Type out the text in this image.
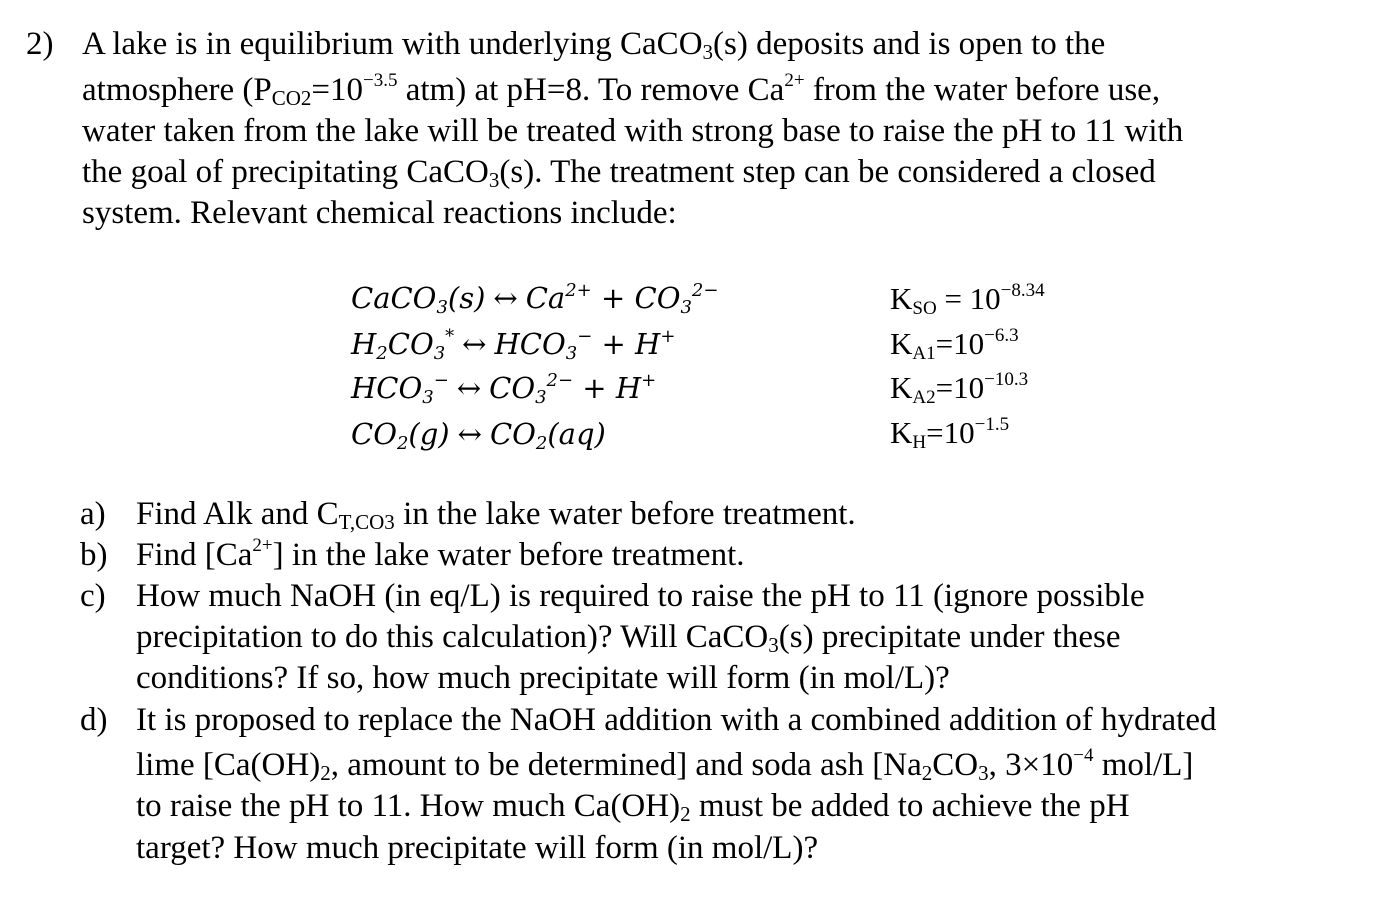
2) A lake is in equilibrium with underlying CaCO$_3$(s) deposits and is open to the
atmosphere ($P_{CO2}=10^{-3.5}$ atm) at pH=8. To remove $Ca^{2+}$ from the water before use,
water taken from the lake will be treated with strong base to raise the pH to 11 with
the goal of precipitating CaCO$_3$(s). The treatment step can be considered a closed
system. Relevant chemical reactions include:
CaCO3(s) ↔ $Ca^{2+} + CO3^{2-}$
H2CO3* ↔ HCO3− + H+
HCO3− ↔ $CO3^{2-} + H^+$
CO2(g) ↔ CO2(aq)
KSO = $10^{-8.34}$
$KA1=10^{-6.3}$
$KA2=10^{-10.3}$
$KH=10^{-1.5}$
a) Find Alk and $C_{T,CO3}$ in the lake water before treatment.
b) Find $[Ca^{2+}]$ in the lake water before treatment.
c) How much NaOH (in eq/L) is required to raise the pH to 11 (ignore possible
precipitation to do this calculation)? Will CaCO$_3$(s) precipitate under these
conditions? If so, how much precipitate will form (in mol/L)?
d) It is proposed to replace the NaOH addition with a combined addition of hydrated
lime [$Ca(OH)_2$, amount to be determined] and soda ash [$Na_2CO_3$, $3\times 10^{-4}$ mol/L]
to raise the pH to 11. How much $Ca(OH)_2$ must be added to achieve the pH
target? How much precipitate will form (in mol/L)?
